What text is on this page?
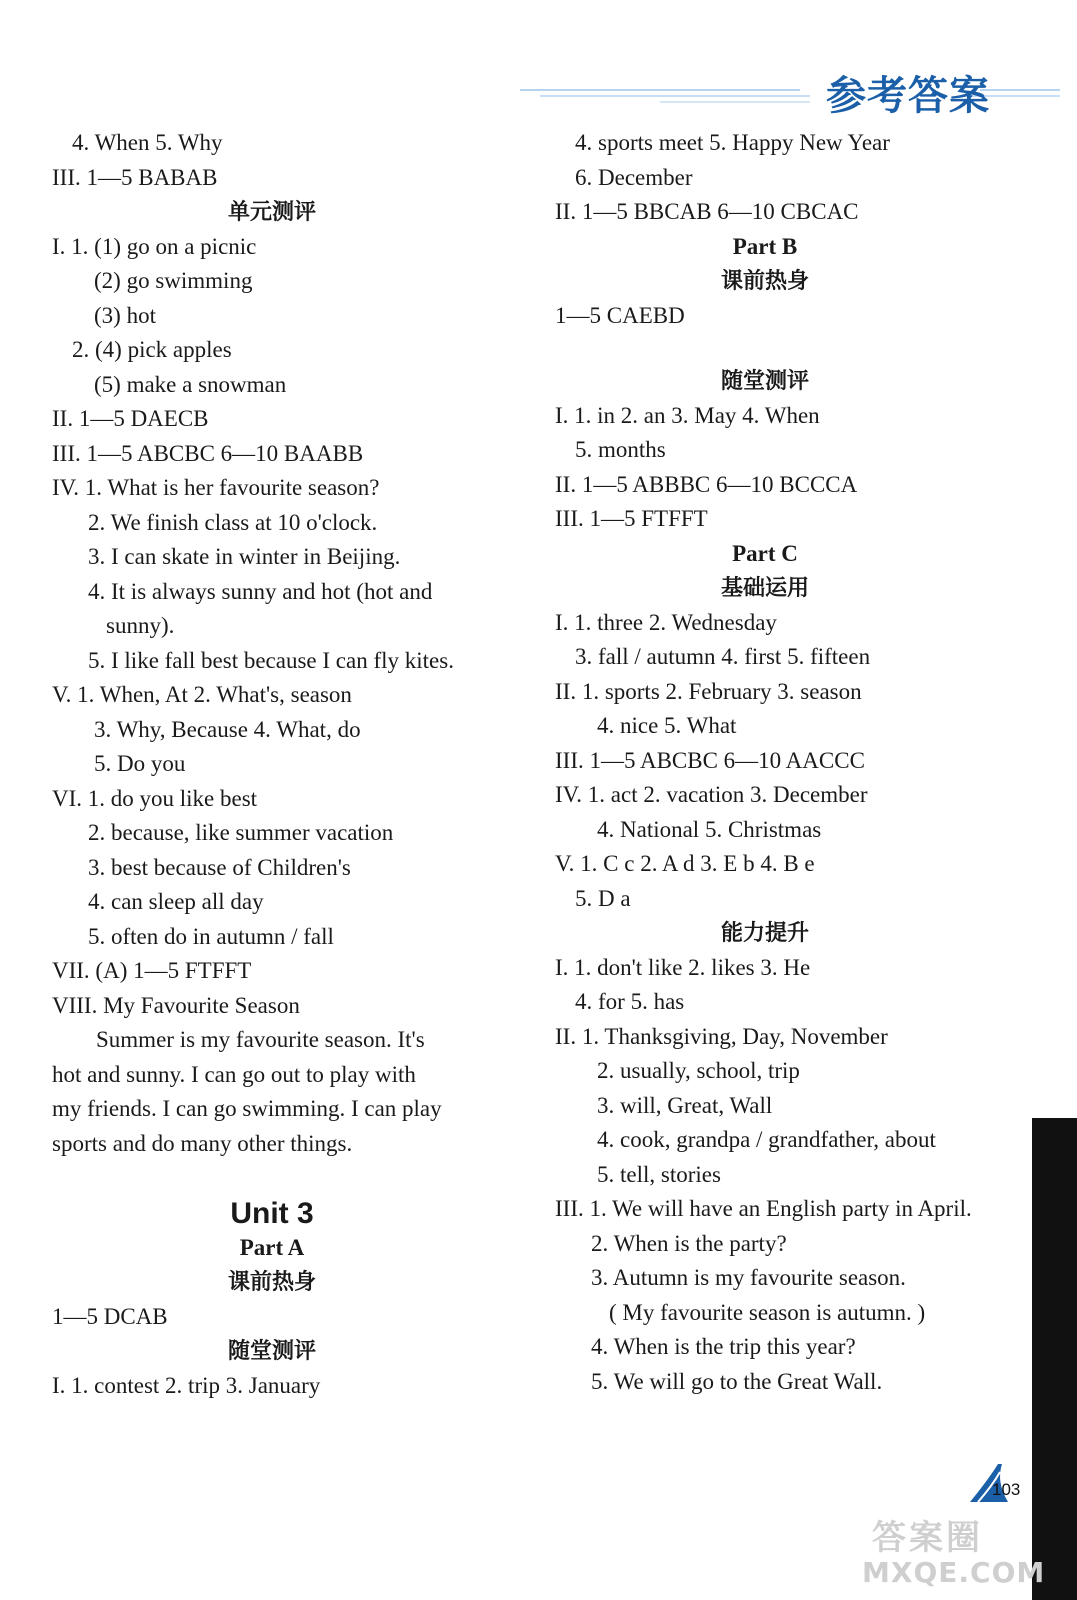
参考答案
4. When 5. Why
III. 1—5 BABAB
单元测评
I. 1. (1) go on a picnic
(2) go swimming
(3) hot
2. (4) pick apples
(5) make a snowman
II. 1—5 DAECB
III. 1—5 ABCBC 6—10 BAABB
IV. 1. What is her favourite season?
2. We finish class at 10 o'clock.
3. I can skate in winter in Beijing.
4. It is always sunny and hot (hot and
sunny).
5. I like fall best because I can fly kites.
V. 1. When, At 2. What's, season
3. Why, Because 4. What, do
5. Do you
VI. 1. do you like best
2. because, like summer vacation
3. best because of Children's
4. can sleep all day
5. often do in autumn / fall
VII. (A) 1—5 FTFFT
VIII. My Favourite Season
Summer is my favourite season. It's
hot and sunny. I can go out to play with
my friends. I can go swimming. I can play
sports and do many other things.
Unit 3
Part A
课前热身
1—5 DCAB
随堂测评
I. 1. contest 2. trip 3. January
4. sports meet 5. Happy New Year
6. December
II. 1—5 BBCAB 6—10 CBCAC
Part B
课前热身
1—5 CAEBD
随堂测评
I. 1. in 2. an 3. May 4. When
5. months
II. 1—5 ABBBC 6—10 BCCCA
III. 1—5 FTFFT
Part C
基础运用
I. 1. three 2. Wednesday
3. fall / autumn 4. first 5. fifteen
II. 1. sports 2. February 3. season
4. nice 5. What
III. 1—5 ABCBC 6—10 AACCC
IV. 1. act 2. vacation 3. December
4. National 5. Christmas
V. 1. C c 2. A d 3. E b 4. B e
5. D a
能力提升
I. 1. don't like 2. likes 3. He
4. for 5. has
II. 1. Thanksgiving, Day, November
2. usually, school, trip
3. will, Great, Wall
4. cook, grandpa / grandfather, about
5. tell, stories
III. 1. We will have an English party in April.
2. When is the party?
3. Autumn is my favourite season.
( My favourite season is autumn. )
4. When is the trip this year?
5. We will go to the Great Wall.
103
答案圈
MXQE.COM
